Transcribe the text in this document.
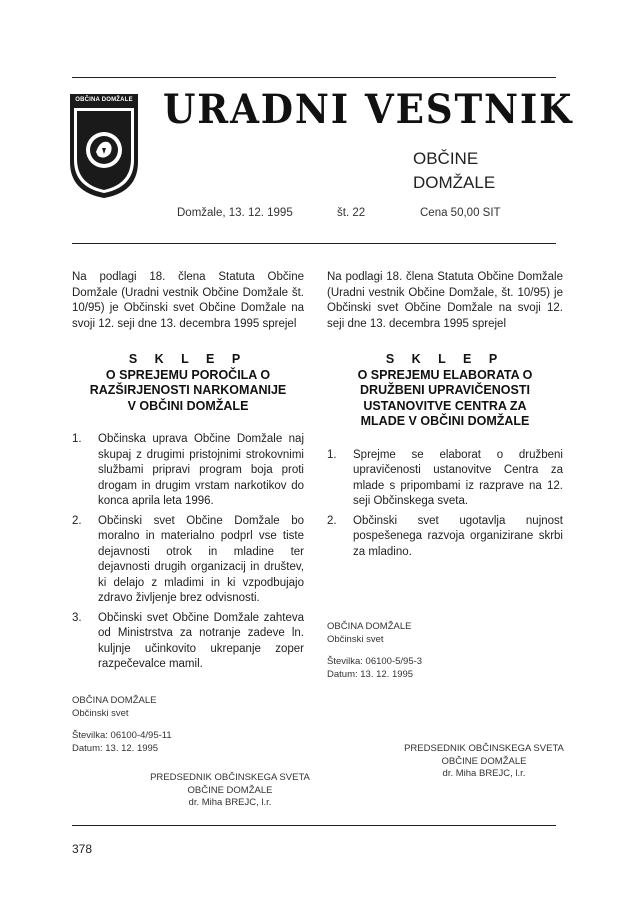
OBČINA DOMŽALE URADNI VESTNIK
OBČINE
DOMŽALE
Domžale, 13. 12. 1995	št. 22	Cena 50,00 SIT
Na podlagi 18. člena Statuta Občine Domžale (Uradni vestnik Občine Domžale št. 10/95) je Občinski svet Občine Domžale na svoji 12. seji dne 13. decembra 1995 sprejel
S K L E P
O SPREJEMU POROČILA O
RAZŠIRJENOSTI NARKOMANIJE
V OBČINI DOMŽALE
1. Občinska uprava Občine Domžale naj skupaj z drugimi pristojnimi strokovnimi službami pripravi program boja proti drogam in drugim vrstam narkotikov do konca aprila leta 1996.
2. Občinski svet Občine Domžale bo moralno in materialno podprl vse tiste dejavnosti otrok in mladine ter dejavnosti drugih organizacij in društev, ki delajo z mladimi in ki vzpodbujajo zdravo življenje brez odvisnosti.
3. Občinski svet Občine Domžale zahteva od Ministrstva za notranje zadeve ln. kuljnje učinkovito ukrepanje zoper razpečevalce mamil.
OBČINA DOMŽALE
Občinski svet
Številka: 06100-4/95-11
Datum: 13. 12. 1995
PREDSEDNIK OBČINSKEGA SVETA
OBČINE DOMŽALE
dr. Miha BREJC, l.r.
Na podlagi 18. člena Statuta Občine Domžale (Uradni vestnik Občine Domžale, št. 10/95) je Občinski svet Občine Domžale na svoji 12. seji dne 13. decembra 1995 sprejel
S K L E P
O SPREJEMU ELABORATA O
DRUŽBENI UPRAVIČENOSTI
USTANOVITVE CENTRA ZA
MLADE V OBČINI DOMŽALE
1. Sprejme se elaborat o družbeni upravičenosti ustanovitve Centra za mlade s pripombami iz razprave na 12. seji Občinskega sveta.
2. Občinski svet ugotavlja nujnost pospešenega razvoja organizirane skrbi za mladino.
OBČINA DOMŽALE
Občinski svet
Številka: 06100-5/95-3
Datum: 13. 12. 1995
PREDSEDNIK OBČINSKEGA SVETA
OBČINE DOMŽALE
dr. Miha BREJC, l.r.
378
